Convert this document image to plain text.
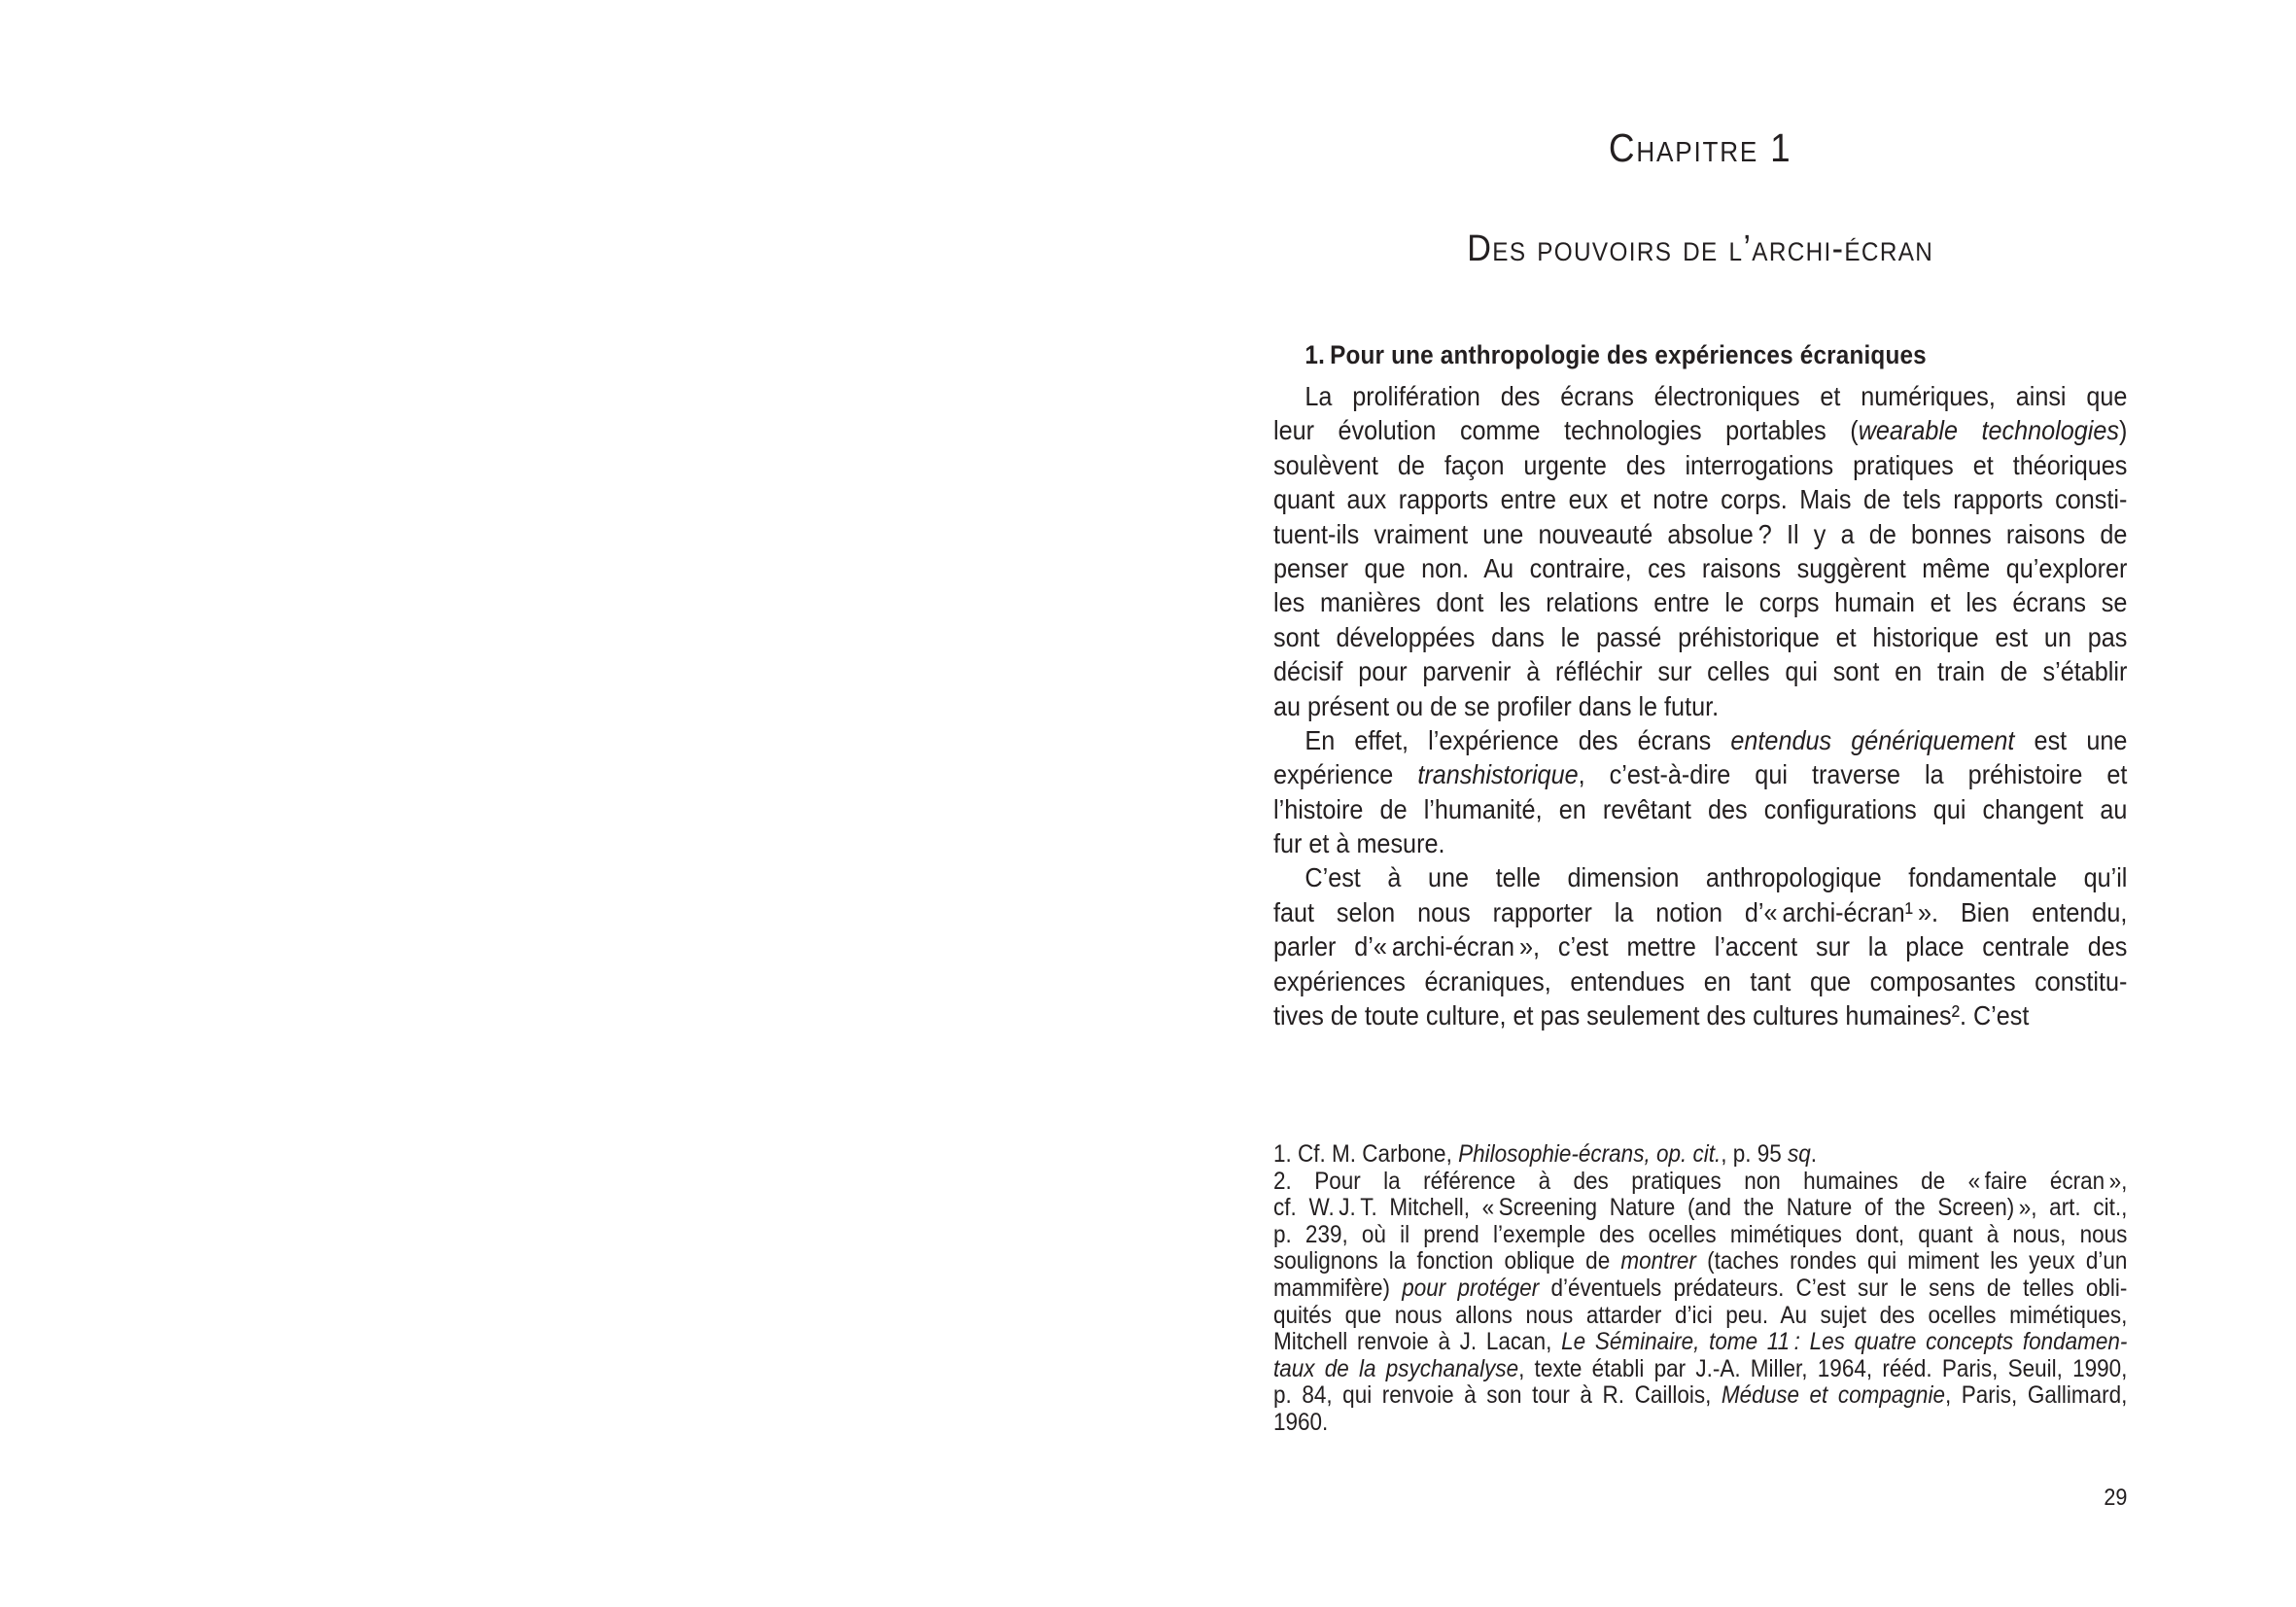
Chapitre 1
Des pouvoirs de l’archi-écran
1. Pour une anthropologie des expériences écraniques
La prolifération des écrans électroniques et numériques, ainsi que
leur évolution comme technologies portables (wearable technologies)
soulèvent de façon urgente des interrogations pratiques et théoriques
quant aux rapports entre eux et notre corps. Mais de tels rapports consti-
tuent-ils vraiment une nouveauté absolue ? Il y a de bonnes raisons de
penser que non. Au contraire, ces raisons suggèrent même qu’explorer
les manières dont les relations entre le corps humain et les écrans se
sont développées dans le passé préhistorique et historique est un pas
décisif pour parvenir à réfléchir sur celles qui sont en train de s’établir
au présent ou de se profiler dans le futur.
En effet, l’expérience des écrans entendus génériquement est une
expérience transhistorique, c’est-à-dire qui traverse la préhistoire et
l’histoire de l’humanité, en revêtant des configurations qui changent au
fur et à mesure.
C’est à une telle dimension anthropologique fondamentale qu’il
faut selon nous rapporter la notion d’« archi-écran¹ ». Bien entendu,
parler d’« archi-écran », c’est mettre l’accent sur la place centrale des
expériences écraniques, entendues en tant que composantes constitu-
tives de toute culture, et pas seulement des cultures humaines². C’est
1. Cf. M. Carbone, Philosophie-écrans, op. cit., p. 95 sq.
2. Pour la référence à des pratiques non humaines de « faire écran »,
cf. W. J. T. Mitchell, « Screening Nature (and the Nature of the Screen) », art. cit.,
p. 239, où il prend l’exemple des ocelles mimétiques dont, quant à nous, nous
soulignons la fonction oblique de montrer (taches rondes qui miment les yeux d’un
mammifère) pour protéger d’éventuels prédateurs. C’est sur le sens de telles obli-
quités que nous allons nous attarder d’ici peu. Au sujet des ocelles mimétiques,
Mitchell renvoie à J. Lacan, Le Séminaire, tome 11 : Les quatre concepts fondamen-
taux de la psychanalyse, texte établi par J.-A. Miller, 1964, rééd. Paris, Seuil, 1990,
p. 84, qui renvoie à son tour à R. Caillois, Méduse et compagnie, Paris, Gallimard,
1960.
29
